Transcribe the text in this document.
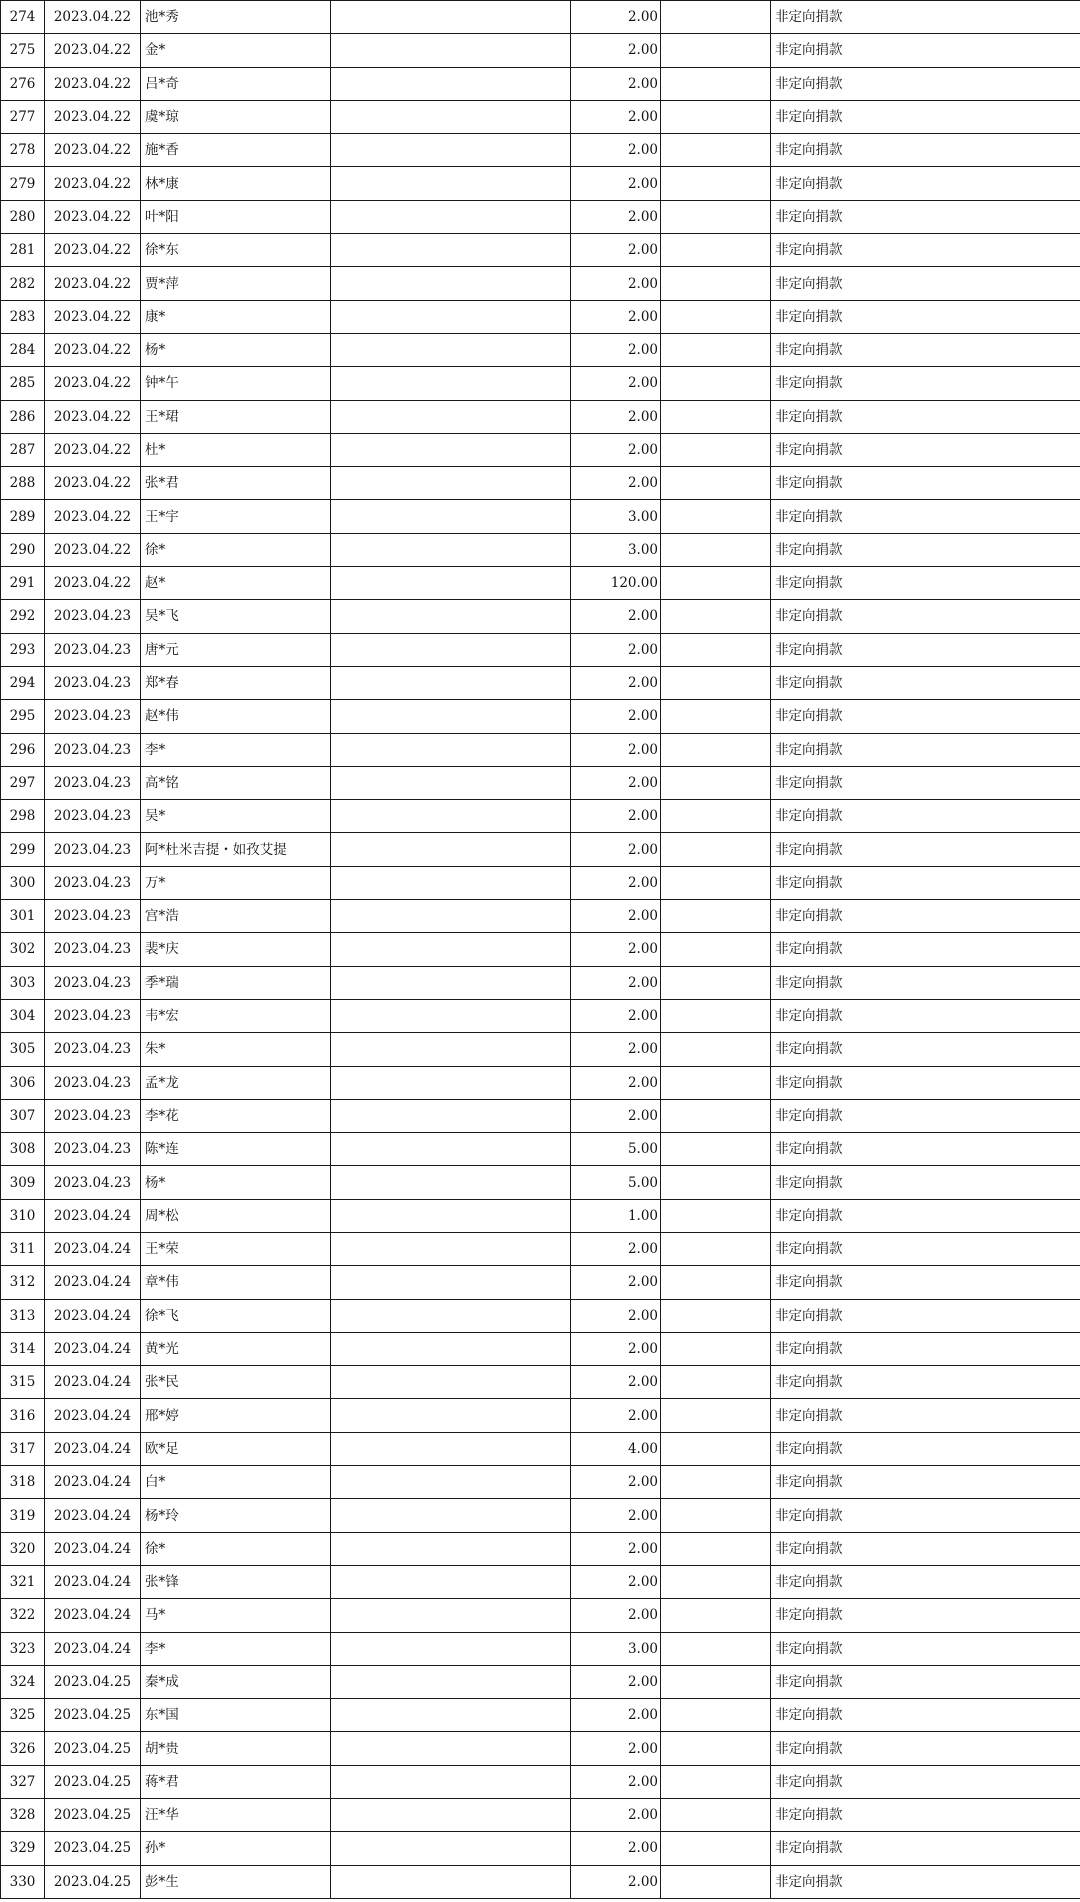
274	2023.04.22	池*秀		2.00		非定向捐款
275	2023.04.22	金*		2.00		非定向捐款
276	2023.04.22	吕*奇		2.00		非定向捐款
277	2023.04.22	虞*琼		2.00		非定向捐款
278	2023.04.22	施*香		2.00		非定向捐款
279	2023.04.22	林*康		2.00		非定向捐款
280	2023.04.22	叶*阳		2.00		非定向捐款
281	2023.04.22	徐*东		2.00		非定向捐款
282	2023.04.22	贾*萍		2.00		非定向捐款
283	2023.04.22	康*		2.00		非定向捐款
284	2023.04.22	杨*		2.00		非定向捐款
285	2023.04.22	钟*午		2.00		非定向捐款
286	2023.04.22	王*珺		2.00		非定向捐款
287	2023.04.22	杜*		2.00		非定向捐款
288	2023.04.22	张*君		2.00		非定向捐款
289	2023.04.22	王*宇		3.00		非定向捐款
290	2023.04.22	徐*		3.00		非定向捐款
291	2023.04.22	赵*		120.00		非定向捐款
292	2023.04.23	吴*飞		2.00		非定向捐款
293	2023.04.23	唐*元		2.00		非定向捐款
294	2023.04.23	郑*春		2.00		非定向捐款
295	2023.04.23	赵*伟		2.00		非定向捐款
296	2023.04.23	李*		2.00		非定向捐款
297	2023.04.23	高*铭		2.00		非定向捐款
298	2023.04.23	吴*		2.00		非定向捐款
299	2023.04.23	阿*杜米吉提・如孜艾提		2.00		非定向捐款
300	2023.04.23	万*		2.00		非定向捐款
301	2023.04.23	宫*浩		2.00		非定向捐款
302	2023.04.23	裴*庆		2.00		非定向捐款
303	2023.04.23	季*瑞		2.00		非定向捐款
304	2023.04.23	韦*宏		2.00		非定向捐款
305	2023.04.23	朱*		2.00		非定向捐款
306	2023.04.23	孟*龙		2.00		非定向捐款
307	2023.04.23	李*花		2.00		非定向捐款
308	2023.04.23	陈*连		5.00		非定向捐款
309	2023.04.23	杨*		5.00		非定向捐款
310	2023.04.24	周*松		1.00		非定向捐款
311	2023.04.24	王*荣		2.00		非定向捐款
312	2023.04.24	章*伟		2.00		非定向捐款
313	2023.04.24	徐*飞		2.00		非定向捐款
314	2023.04.24	黄*光		2.00		非定向捐款
315	2023.04.24	张*民		2.00		非定向捐款
316	2023.04.24	邢*婷		2.00		非定向捐款
317	2023.04.24	欧*足		4.00		非定向捐款
318	2023.04.24	白*		2.00		非定向捐款
319	2023.04.24	杨*玲		2.00		非定向捐款
320	2023.04.24	徐*		2.00		非定向捐款
321	2023.04.24	张*锋		2.00		非定向捐款
322	2023.04.24	马*		2.00		非定向捐款
323	2023.04.24	李*		3.00		非定向捐款
324	2023.04.25	秦*成		2.00		非定向捐款
325	2023.04.25	东*国		2.00		非定向捐款
326	2023.04.25	胡*贵		2.00		非定向捐款
327	2023.04.25	蒋*君		2.00		非定向捐款
328	2023.04.25	汪*华		2.00		非定向捐款
329	2023.04.25	孙*		2.00		非定向捐款
330	2023.04.25	彭*生		2.00		非定向捐款
